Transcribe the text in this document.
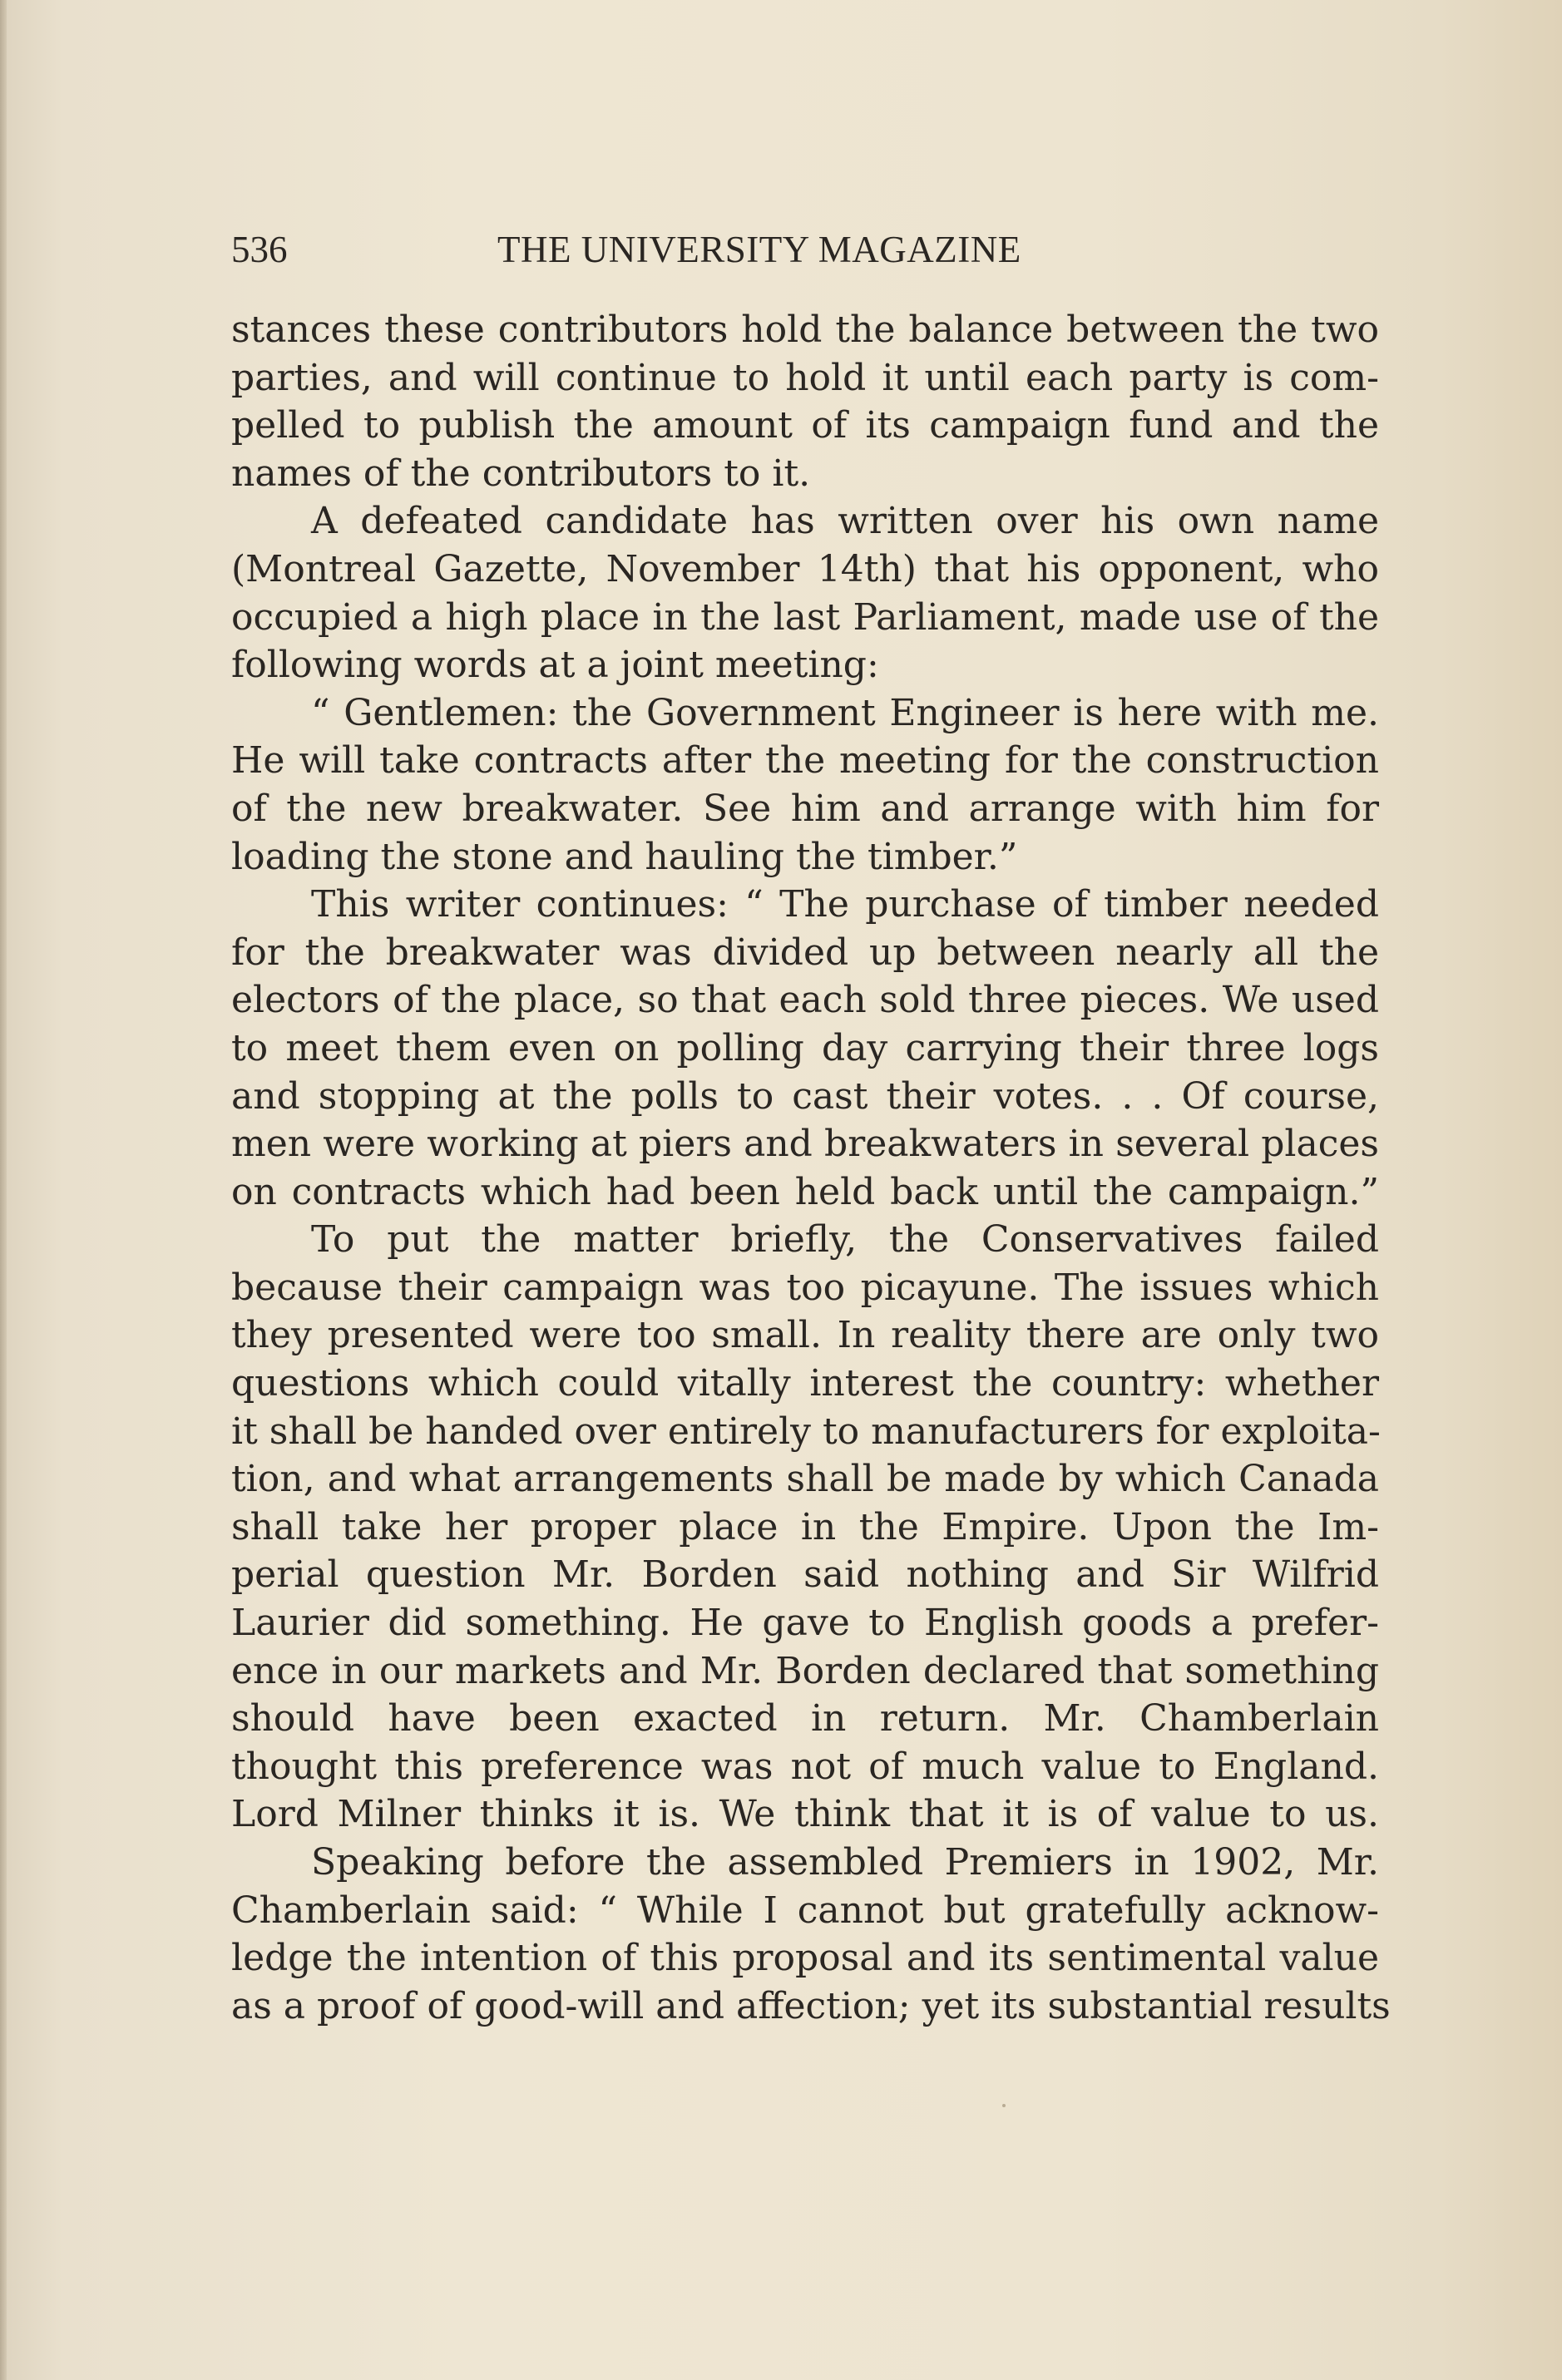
536	THE UNIVERSITY MAGAZINE
stances these contributors hold the balance between the two
parties, and will continue to hold it until each party is com-
pelled to publish the amount of its campaign fund and the
names of the contributors to it.
A defeated candidate has written over his own name
(Montreal Gazette, November 14th) that his opponent, who
occupied a high place in the last Parliament, made use of the
following words at a joint meeting:
“ Gentlemen: the Government Engineer is here with me.
He will take contracts after the meeting for the construction
of the new breakwater. See him and arrange with him for
loading the stone and hauling the timber.”
This writer continues: “ The purchase of timber needed
for the breakwater was divided up between nearly all the
electors of the place, so that each sold three pieces. We used
to meet them even on polling day carrying their three logs
and stopping at the polls to cast their votes. . . Of course,
men were working at piers and breakwaters in several places
on contracts which had been held back until the campaign.”
To put the matter briefly, the Conservatives failed
because their campaign was too picayune. The issues which
they presented were too small. In reality there are only two
questions which could vitally interest the country: whether
it shall be handed over entirely to manufacturers for exploita-
tion, and what arrangements shall be made by which Canada
shall take her proper place in the Empire. Upon the Im-
perial question Mr. Borden said nothing and Sir Wilfrid
Laurier did something. He gave to English goods a prefer-
ence in our markets and Mr. Borden declared that something
should have been exacted in return. Mr. Chamberlain
thought this preference was not of much value to England.
Lord Milner thinks it is. We think that it is of value to us.
Speaking before the assembled Premiers in 1902, Mr.
Chamberlain said: “ While I cannot but gratefully acknow-
ledge the intention of this proposal and its sentimental value
as a proof of good-will and affection; yet its substantial results
